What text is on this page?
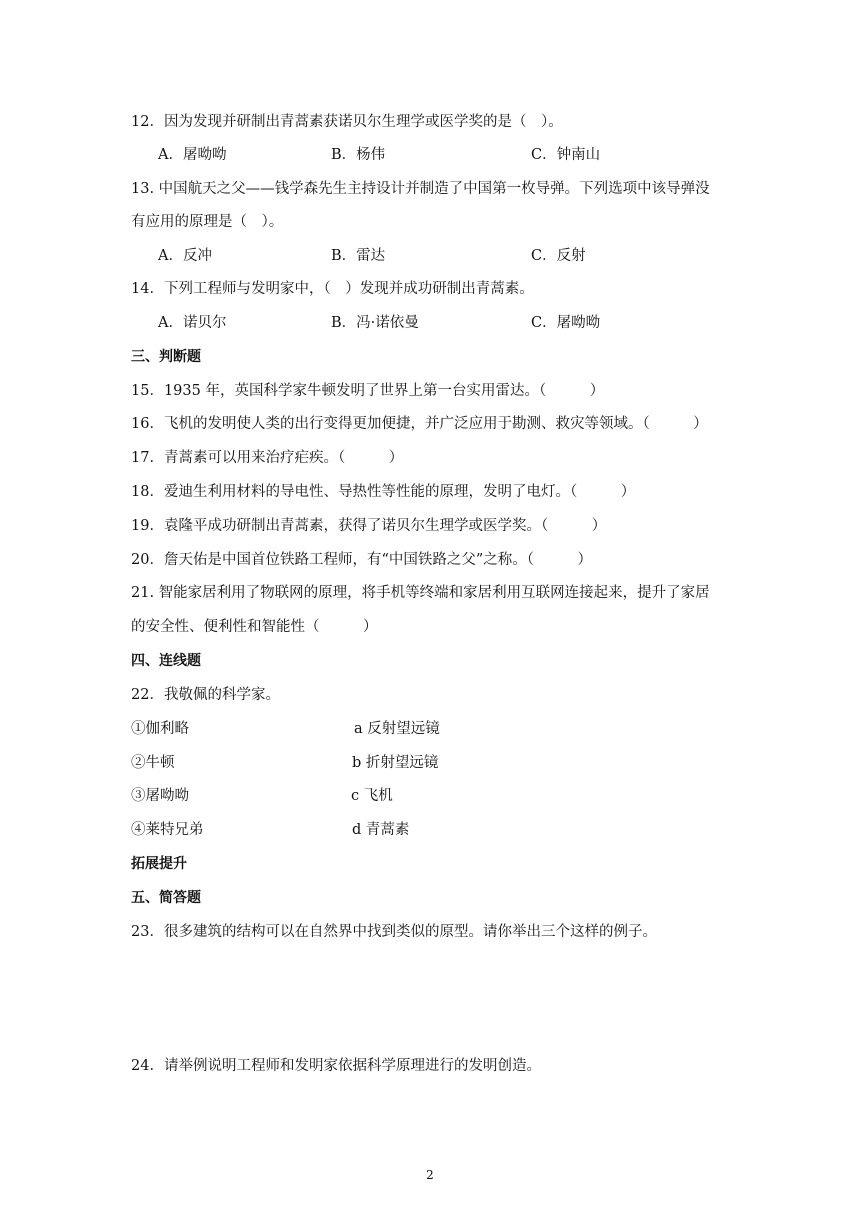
12．因为发现并研制出青蒿素获诺贝尔生理学或医学奖的是（　）。
A．屠呦呦	B．杨伟	C．钟南山
13. 中国航天之父——钱学森先生主持设计并制造了中国第一枚导弹。下列选项中该导弹没
有应用的原理是（　）。
A．反冲	B．雷达	C．反射
14．下列工程师与发明家中，（　）发现并成功研制出青蒿素。
A．诺贝尔	B．冯·诺依曼	C．屠呦呦
三、判断题
15．1935 年，英国科学家牛顿发明了世界上第一台实用雷达。（　　　）
16．飞机的发明使人类的出行变得更加便捷，并广泛应用于勘测、救灾等领域。（　　　）
17．青蒿素可以用来治疗疟疾。（　　　）
18．爱迪生利用材料的导电性、导热性等性能的原理，发明了电灯。（　　　）
19．袁隆平成功研制出青蒿素，获得了诺贝尔生理学或医学奖。（　　　）
20．詹天佑是中国首位铁路工程师，有“中国铁路之父”之称。（　　　）
21. 智能家居利用了物联网的原理，将手机等终端和家居利用互联网连接起来，提升了家居
的安全性、便利性和智能性（　　　）
四、连线题
22．我敬佩的科学家。
①伽利略	a 反射望远镜
②牛顿	b 折射望远镜
③屠呦呦	c 飞机
④莱特兄弟	d 青蒿素
拓展提升
五、简答题
23．很多建筑的结构可以在自然界中找到类似的原型。请你举出三个这样的例子。
24．请举例说明工程师和发明家依据科学原理进行的发明创造。
2
